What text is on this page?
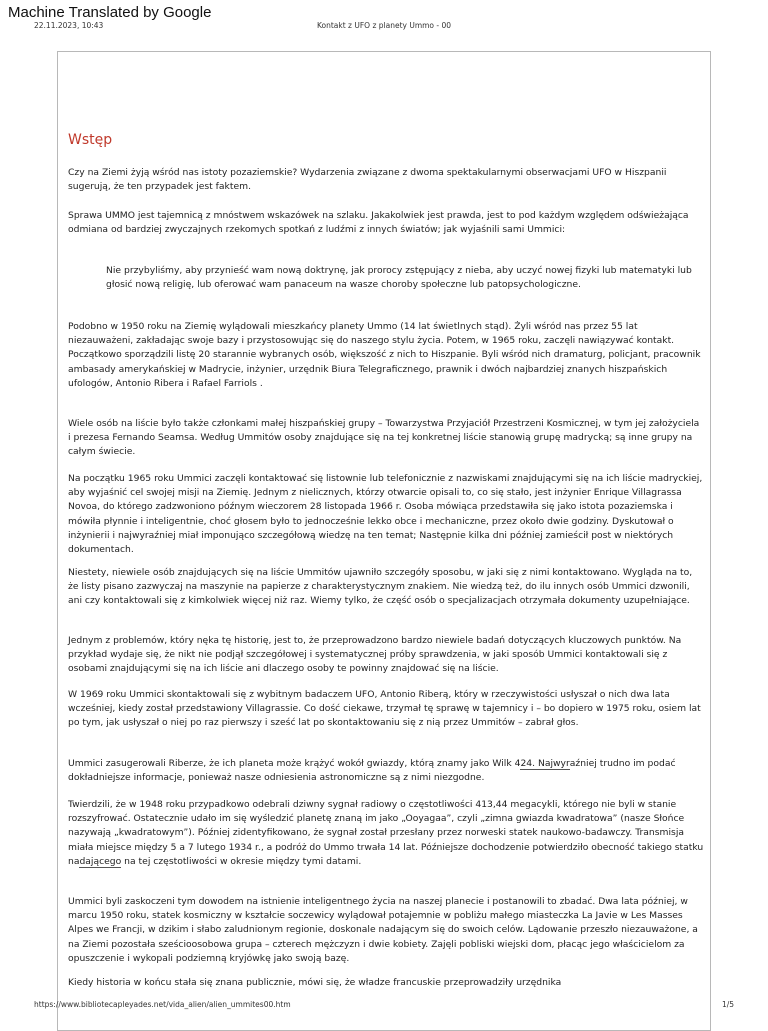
Machine Translated by Google
22.11.2023, 10:43	Kontakt z UFO z planety Ummo - 00
Wstęp

Czy na Ziemi żyją wśród nas istoty pozaziemskie? Wydarzenia związane z dwoma spektakularnymi obserwacjami UFO w Hiszpanii sugerują, że ten przypadek jest faktem.

Sprawa UMMO jest tajemnicą z mnóstwem wskazówek na szlaku. Jakakolwiek jest prawda, jest to pod każdym względem odświeżająca odmiana od bardziej zwyczajnych rzekomych spotkań z ludźmi z innych światów; jak wyjaśnili sami Ummici:

Nie przybyliśmy, aby przynieść wam nową doktrynę, jak prorocy zstępujący z nieba, aby uczyć nowej fizyki lub matematyki lub głosić nową religię, lub oferować wam panaceum na wasze choroby społeczne lub patopsychologiczne.

Podobno w 1950 roku na Ziemię wylądowali mieszkańcy planety Ummo (14 lat świetlnych stąd). Żyli wśród nas przez 55 lat niezauważeni, zakładając swoje bazy i przystosowując się do naszego stylu życia. Potem, w 1965 roku, zaczęli nawiązywać kontakt. Początkowo sporządzili listę 20 starannie wybranych osób, większość z nich to Hiszpanie. Byli wśród nich dramaturg, policjant, pracownik ambasady amerykańskiej w Madrycie, inżynier, urzędnik Biura Telegraficznego, prawnik i dwóch najbardziej znanych hiszpańskich ufologów, Antonio Ribera i Rafael Farriols .

Wiele osób na liście było także członkami małej hiszpańskiej grupy – Towarzystwa Przyjaciół Przestrzeni Kosmicznej, w tym jej założyciela i prezesa Fernando Seamsa. Według Ummitów osoby znajdujące się na tej konkretnej liście stanowią grupę madrycką; są inne grupy na całym świecie.

Na początku 1965 roku Ummici zaczęli kontaktować się listownie lub telefonicznie z nazwiskami znajdującymi się na ich liście madryckiej, aby wyjaśnić cel swojej misji na Ziemię. Jednym z nielicznych, którzy otwarcie opisali to, co się stało, jest inżynier Enrique Villagrassa Novoa, do którego zadzwoniono późnym wieczorem 28 listopada 1966 r. Osoba mówiąca przedstawiła się jako istota pozaziemska i mówiła płynnie i inteligentnie, choć głosem było to jednocześnie lekko obce i mechaniczne, przez około dwie godziny. Dyskutował o inżynierii i najwyraźniej miał imponująco szczegółową wiedzę na ten temat; Następnie kilka dni później zamieścił post w niektórych dokumentach.

Niestety, niewiele osób znajdujących się na liście Ummitów ujawniło szczegóły sposobu, w jaki się z nimi kontaktowano. Wygląda na to, że listy pisano zazwyczaj na maszynie na papierze z charakterystycznym znakiem. Nie wiedzą też, do ilu innych osób Ummici dzwonili, ani czy kontaktowali się z kimkolwiek więcej niż raz. Wiemy tylko, że część osób o specjalizacjach otrzymała dokumenty uzupełniające.

Jednym z problemów, który nęka tę historię, jest to, że przeprowadzono bardzo niewiele badań dotyczących kluczowych punktów. Na przykład wydaje się, że nikt nie podjął szczegółowej i systematycznej próby sprawdzenia, w jaki sposób Ummici kontaktowali się z osobami znajdującymi się na ich liście ani dlaczego osoby te powinny znajdować się na liście.

W 1969 roku Ummici skontaktowali się z wybitnym badaczem UFO, Antonio Riberą, który w rzeczywistości usłyszał o nich dwa lata wcześniej, kiedy został przedstawiony Villagrassie. Co dość ciekawe, trzymał tę sprawę w tajemnicy i – bo dopiero w 1975 roku, osiem lat po tym, jak usłyszał o niej po raz pierwszy i sześć lat po skontaktowaniu się z nią przez Ummitów – zabrał głos.

Ummici zasugerowali Riberze, że ich planeta może krążyć wokół gwiazdy, którą znamy jako Wilk 424. Najwyraźniej trudno im podać dokładniejsze informacje, ponieważ nasze odniesienia astronomiczne są z nimi niezgodne.

Twierdzili, że w 1948 roku przypadkowo odebrali dziwny sygnał radiowy o częstotliwości 413,44 megacykli, którego nie byli w stanie rozszyfrować. Ostatecznie udało im się wyśledzić planetę znaną im jako „Ooyagaa”, czyli „zimna gwiazda kwadratowa” (nasze Słońce nazywają „kwadratowym”). Później zidentyfikowano, że sygnał został przesłany przez norweski statek naukowo-badawczy. Transmisja miała miejsce między 5 a 7 lutego 1934 r., a podróż do Ummo trwała 14 lat. Późniejsze dochodzenie potwierdziło obecność takiego statku nadającego na tej częstotliwości w okresie między tymi datami.

Ummici byli zaskoczeni tym dowodem na istnienie inteligentnego życia na naszej planecie i postanowili to zbadać. Dwa lata później, w marcu 1950 roku, statek kosmiczny w kształcie soczewicy wylądował potajemnie w pobliżu małego miasteczka La Javie w Les Masses Alpes we Francji, w dzikim i słabo zaludnionym regionie, doskonale nadającym się do swoich celów. Lądowanie przeszło niezauważone, a na Ziemi pozostała sześcioosobowa grupa – czterech mężczyzn i dwie kobiety. Zajęli pobliski wiejski dom, płacąc jego właścicielom za opuszczenie i wykopali podziemną kryjówkę jako swoją bazę.

Kiedy historia w końcu stała się znana publicznie, mówi się, że władze francuskie przeprowadziły urzędnika

https://www.bibliotecapleyades.net/vida_alien/alien_ummites00.htm	1/5
